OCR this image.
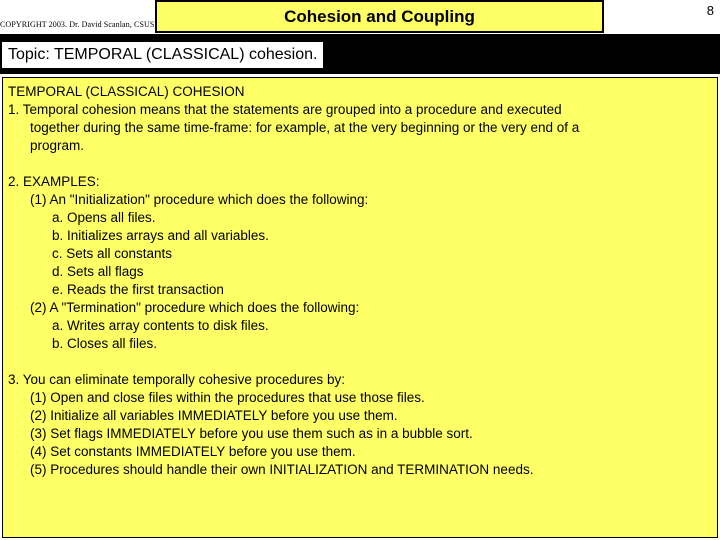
COPYRIGHT 2003. Dr. David Scanlan, CSUS	Cohesion and Coupling	8
Topic: TEMPORAL (CLASSICAL) cohesion.

TEMPORAL (CLASSICAL) COHESION

1. Temporal cohesion means that the statements are grouped into a procedure and executed

together during the same time-frame: for example, at the very beginning or the very end of a

program.

2. EXAMPLES:

(1) An "Initialization" procedure which does the following:

a. Opens all files.

b. Initializes arrays and all variables.

c. Sets all constants

d. Sets all flags

e. Reads the first transaction

(2) A "Termination" procedure which does the following:

a. Writes array contents to disk files.

b. Closes all files.

3. You can eliminate temporally cohesive procedures by:

(1) Open and close files within the procedures that use those files.

(2) Initialize all variables IMMEDIATELY before you use them.

(3) Set flags IMMEDIATELY before you use them such as in a bubble sort.

(4) Set constants IMMEDIATELY before you use them.

(5) Procedures should handle their own INITIALIZATION and TERMINATION needs.
